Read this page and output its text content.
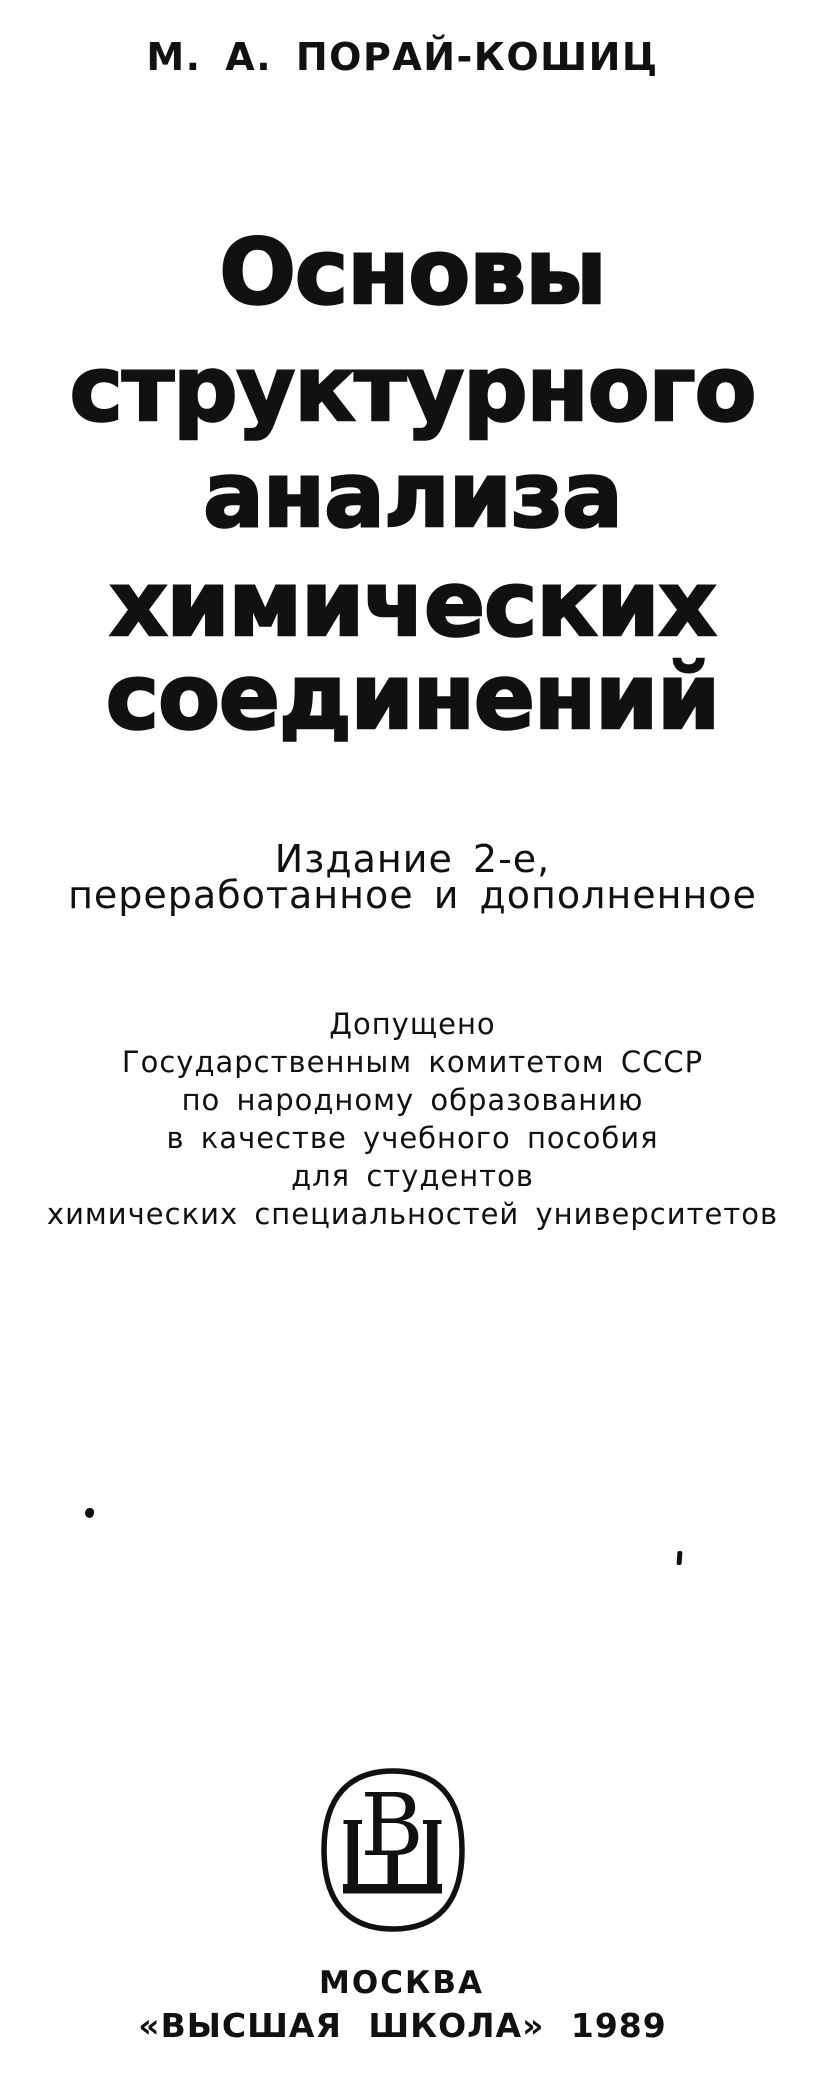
М. А. ПОРАЙ-КОШИЦ
Основы
структурного
анализа
химических
соединений
Издание 2-е,
переработанное и дополненное
Допущено
Государственным комитетом СССР
по народному образованию
в качестве учебного пособия
для студентов
химических специальностей университетов
В
МОСКВА
«ВЫСШАЯ ШКОЛА» 1989
